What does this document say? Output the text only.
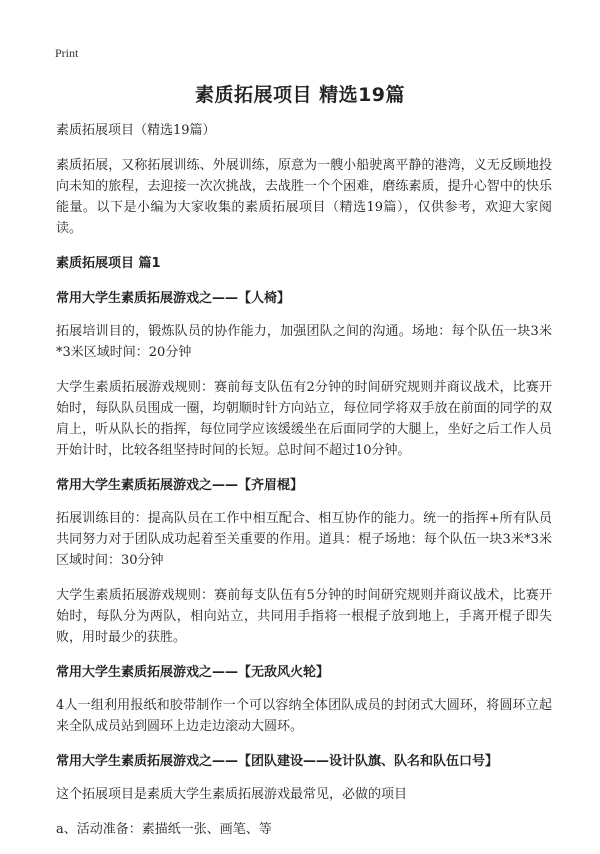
Print
素质拓展项目 精选19篇

素质拓展项目（精选19篇）

素质拓展，又称拓展训练、外展训练，原意为一艘小船驶离平静的港湾，义无反顾地投向未知的旅程，去迎接一次次挑战，去战胜一个个困难，磨练素质，提升心智中的快乐能量。以下是小编为大家收集的素质拓展项目（精选19篇），仅供参考，欢迎大家阅读。

素质拓展项目 篇1

常用大学生素质拓展游戏之——【人椅】

拓展培训目的，锻炼队员的协作能力，加强团队之间的沟通。场地：每个队伍一块3米*3米区域时间：20分钟

大学生素质拓展游戏规则：赛前每支队伍有2分钟的时间研究规则并商议战术，比赛开始时，每队队员围成一圈，均朝顺时针方向站立，每位同学将双手放在前面的同学的双肩上，听从队长的指挥，每位同学应该缓缓坐在后面同学的大腿上，坐好之后工作人员开始计时，比较各组坚持时间的长短。总时间不超过10分钟。

常用大学生素质拓展游戏之——【齐眉棍】

拓展训练目的：提高队员在工作中相互配合、相互协作的能力。统一的指挥+所有队员共同努力对于团队成功起着至关重要的作用。道具：棍子场地：每个队伍一块3米*3米区域时间：30分钟

大学生素质拓展游戏规则：赛前每支队伍有5分钟的时间研究规则并商议战术，比赛开始时，每队分为两队，相向站立，共同用手指将一根棍子放到地上，手离开棍子即失败，用时最少的获胜。

常用大学生素质拓展游戏之——【无敌风火轮】

4人一组利用报纸和胶带制作一个可以容纳全体团队成员的封闭式大圆环，将圆环立起来全队成员站到圆环上边走边滚动大圆环。

常用大学生素质拓展游戏之——【团队建设——设计队旗、队名和队伍口号】

这个拓展项目是素质大学生素质拓展游戏最常见，必做的项目

a、活动准备：素描纸一张、画笔、等
